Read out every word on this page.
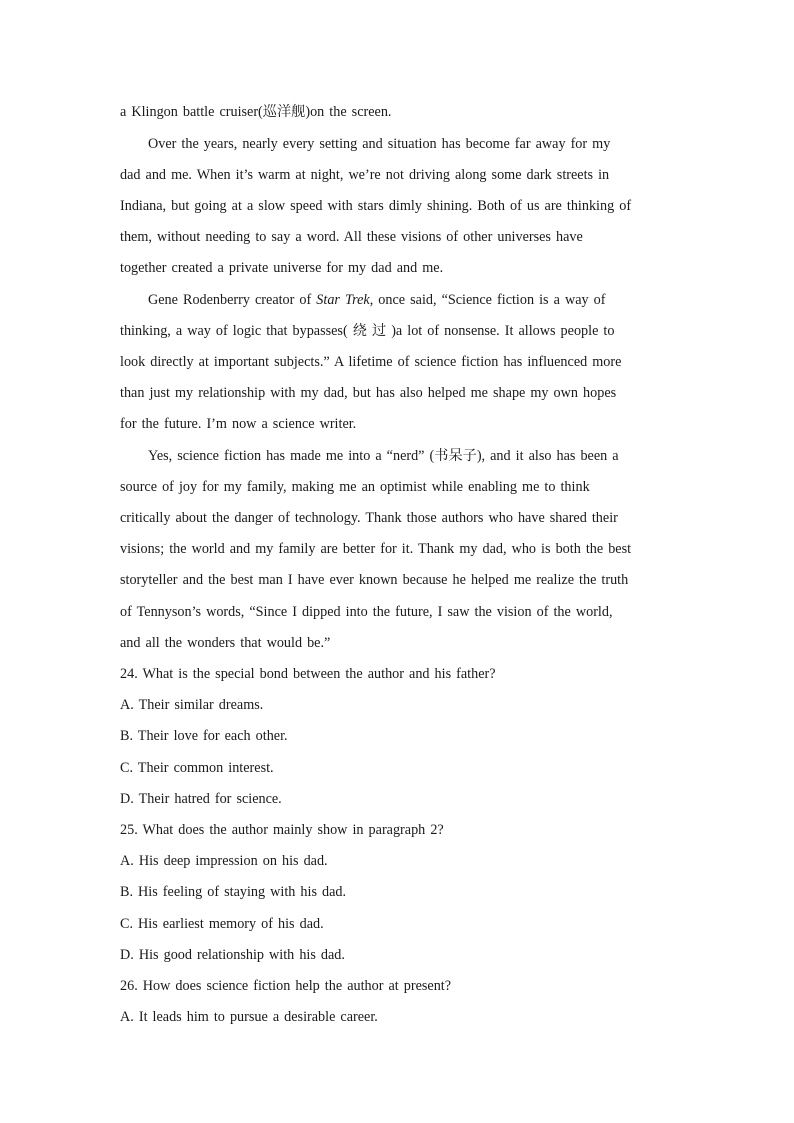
a Klingon battle cruiser(巡洋舰)on the screen.
Over the years, nearly every setting and situation has become far away for my
dad and me. When it’s warm at night, we’re not driving along some dark streets in
Indiana, but going at a slow speed with stars dimly shining. Both of us are thinking of
them, without needing to say a word. All these visions of other universes have
together created a private universe for my dad and me.
Gene Rodenberry creator of Star Trek, once said, “Science fiction is a way of
thinking, a way of logic that bypasses( 绕 过 )a lot of nonsense. It allows people to
look directly at important subjects.” A lifetime of science fiction has influenced more
than just my relationship with my dad, but has also helped me shape my own hopes
for the future. I’m now a science writer.
Yes, science fiction has made me into a “nerd” (书呆子), and it also has been a
source of joy for my family, making me an optimist while enabling me to think
critically about the danger of technology. Thank those authors who have shared their
visions; the world and my family are better for it. Thank my dad, who is both the best
storyteller and the best man I have ever known because he helped me realize the truth
of Tennyson’s words, “Since I dipped into the future, I saw the vision of the world,
and all the wonders that would be.”
24. What is the special bond between the author and his father?
A. Their similar dreams.
B. Their love for each other.
C. Their common interest.
D. Their hatred for science.
25. What does the author mainly show in paragraph 2?
A. His deep impression on his dad.
B. His feeling of staying with his dad.
C. His earliest memory of his dad.
D. His good relationship with his dad.
26. How does science fiction help the author at present?
A. It leads him to pursue a desirable career.
